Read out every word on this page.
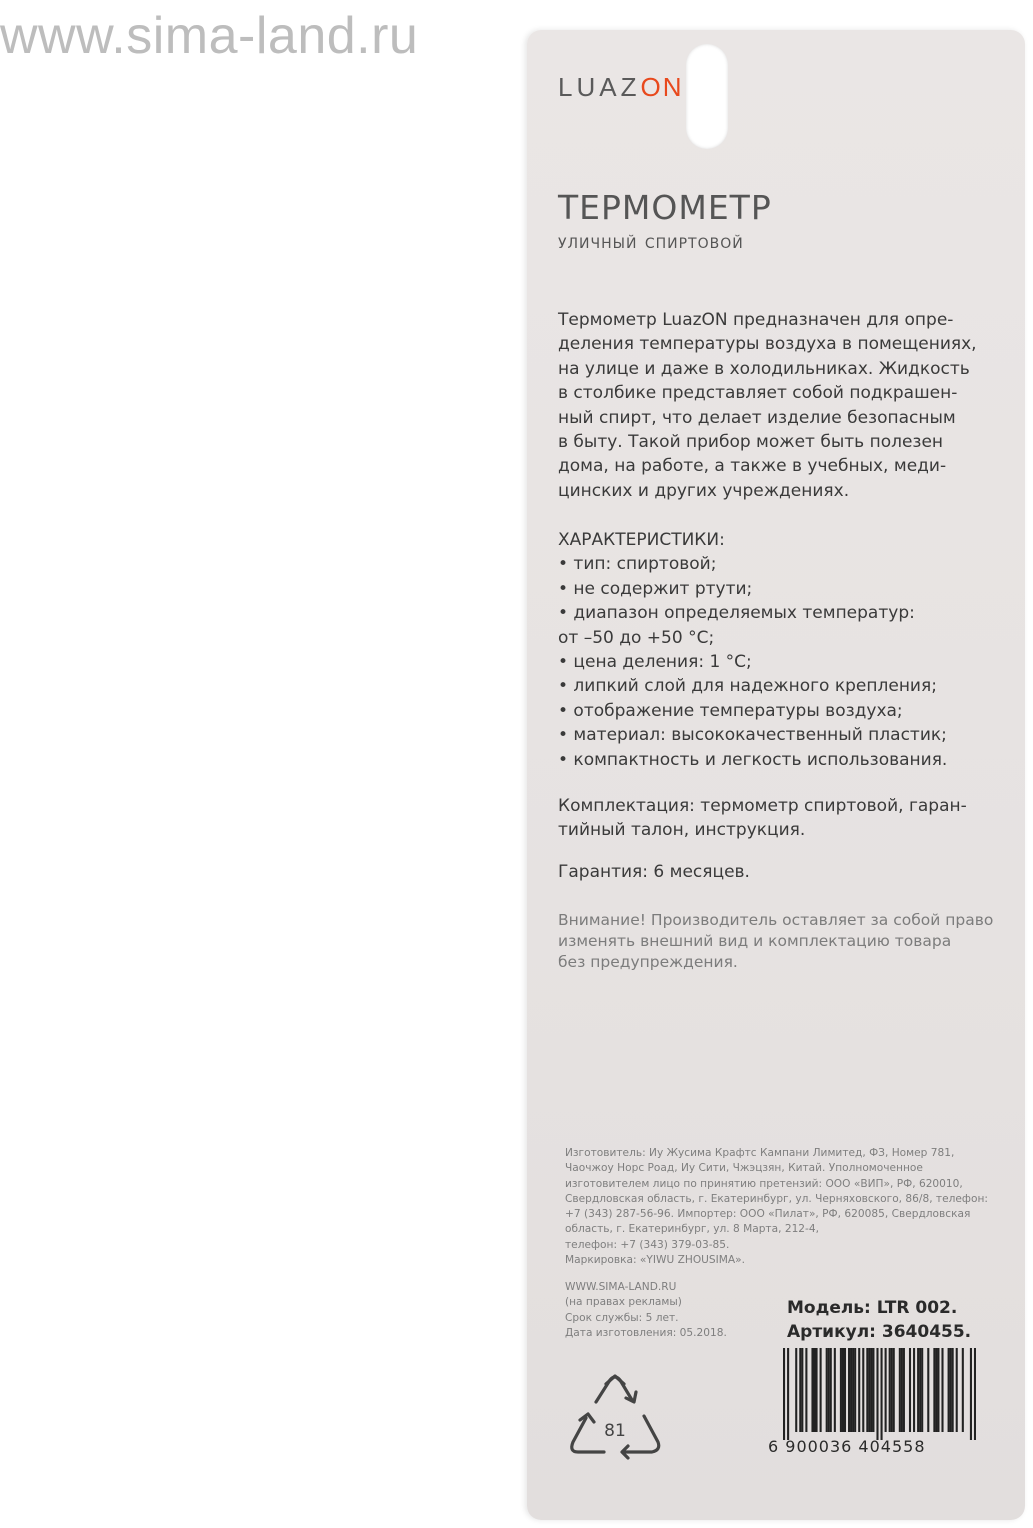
www.sima-land.ru
LUAZON
ТЕРМОМЕТР
уличный спиртовой
Термометр LuazON предназначен для опре-
деления температуры воздуха в помещениях,
на улице и даже в холодильниках. Жидкость
в столбике представляет собой подкрашен-
ный спирт, что делает изделие безопасным
в быту. Такой прибор может быть полезен
дома, на работе, а также в учебных, меди-
цинских и других учреждениях.
ХАРАКТЕРИСТИКИ:
• тип: спиртовой;
• не содержит ртути;
• диапазон определяемых температур:
от –50 до +50 °С;
• цена деления: 1 °С;
• липкий слой для надежного крепления;
• отображение температуры воздуха;
• материал: высококачественный пластик;
• компактность и легкость использования.
Комплектация: термометр спиртовой, гаран-
тийный талон, инструкция.
Гарантия: 6 месяцев.
Внимание! Производитель оставляет за собой право
изменять внешний вид и комплектацию товара
без предупреждения.
Изготовитель: Иу Жусима Крафтс Кампани Лимитед, ФЗ, Номер 781,
Чаочжоу Норс Роад, Иу Сити, Чжэцзян, Китай. Уполномоченное
изготовителем лицо по принятию претензий: ООО «ВИП», РФ, 620010,
Свердловская область, г. Екатеринбург, ул. Черняховского, 86/8, телефон:
+7 (343) 287-56-96. Импортер: ООО «Пилат», РФ, 620085, Свердловская
область, г. Екатеринбург, ул. 8 Марта, 212-4,
телефон: +7 (343) 379-03-85.
Маркировка: «YIWU ZHOUSIMA».
WWW.SIMA-LAND.RU
(на правах рекламы)
Срок службы: 5 лет.
Дата изготовления: 05.2018.
Модель: LTR 002.
Артикул: 3640455.
81
6 900036 404558
